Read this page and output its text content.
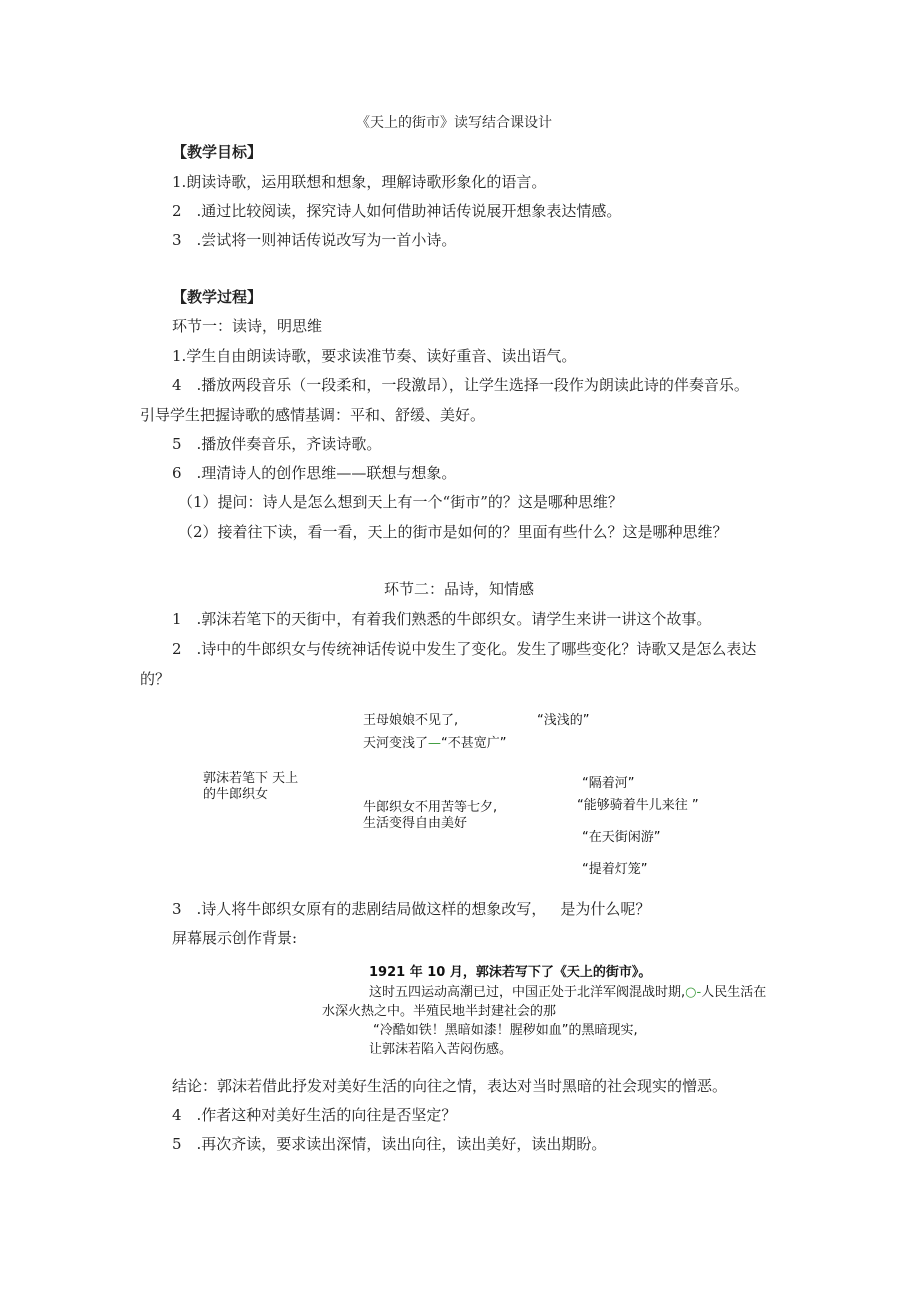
《天上的街市》读写结合课设计
【教学目标】
1.朗读诗歌，运用联想和想象，理解诗歌形象化的语言。
2　.通过比较阅读，探究诗人如何借助神话传说展开想象表达情感。
3　.尝试将一则神话传说改写为一首小诗。
【教学过程】
环节一：读诗，明思维
1.学生自由朗读诗歌，要求读准节奏、读好重音、读出语气。
4　.播放两段音乐（一段柔和，一段激昂），让学生选择一段作为朗读此诗的伴奏音乐。
引导学生把握诗歌的感情基调：平和、舒缓、美好。
5　.播放伴奏音乐，齐读诗歌。
6　.理清诗人的创作思维——联想与想象。
（1）提问：诗人是怎么想到天上有一个“街市”的？这是哪种思维？
（2）接着往下读，看一看，天上的街市是如何的？里面有些什么？这是哪种思维？
环节二：品诗，知情感
1　.郭沫若笔下的天街中，有着我们熟悉的牛郎织女。请学生来讲一讲这个故事。
2　.诗中的牛郎织女与传统神话传说中发生了变化。发生了哪些变化？诗歌又是怎么表达
的？
王母娘娘不见了,	“浅浅的”
天河变浅了—“不甚宽广”
郭沫若笔下 天上
的牛郎织女
“隔着河”
牛郎织女不用苦等七夕,	“能够骑着牛儿来往 ”
生活变得自由美好
“在天街闲游”
“提着灯笼”
3　.诗人将牛郎织女原有的悲剧结局做这样的想象改写， 是为什么呢？
屏幕展示创作背景:
1921 年 10 月，郭沫若写下了《天上的街市》。
这时五四运动高潮已过，中国正处于北洋军阀混战时期,○-人民生活在
水深火热之中。半殖民地半封建社会的那
“冷酷如铁！黑暗如漆！腥秽如血”的黑暗现实,
让郭沫若陷入苦闷伤感。
结论：郭沫若借此抒发对美好生活的向往之情，表达对当时黑暗的社会现实的憎恶。
4　.作者这种对美好生活的向往是否坚定？
5　.再次齐读，要求读出深情，读出向往，读出美好，读出期盼。
